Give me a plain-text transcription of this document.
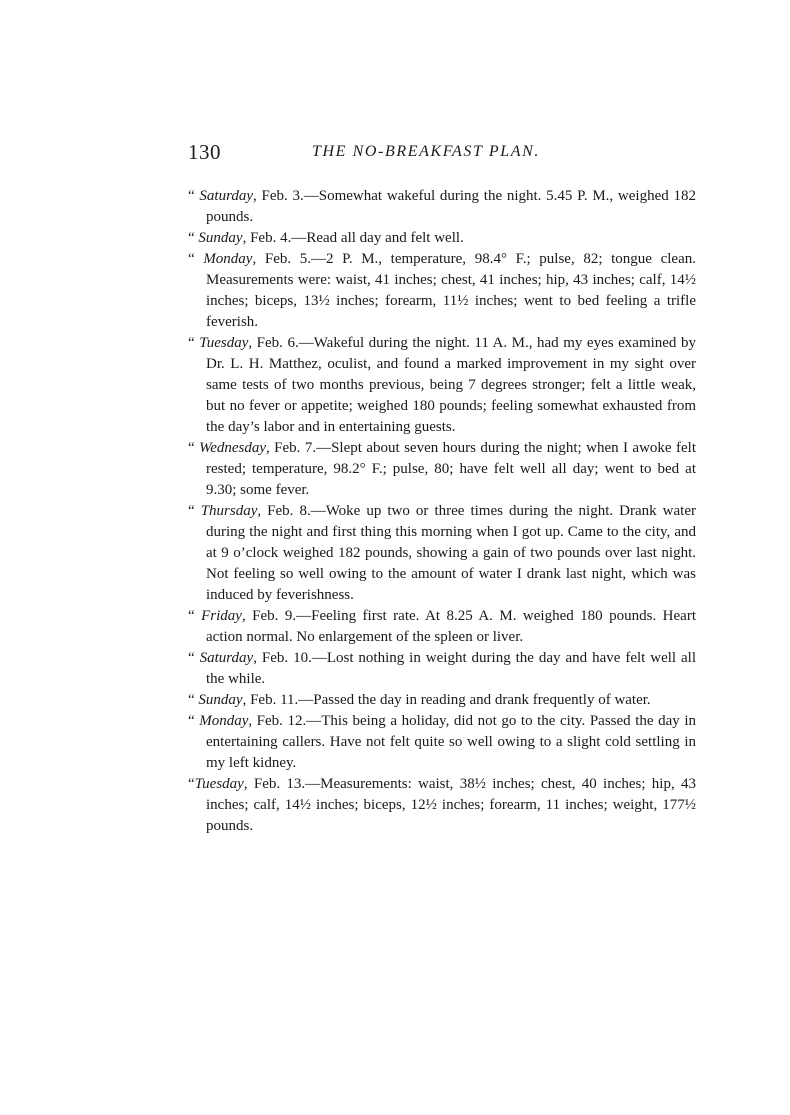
130	THE NO-BREAKFAST PLAN.

“ Saturday, Feb. 3.—Somewhat wakeful during the night. 5.45 P. M., weighed 182 pounds.

“ Sunday, Feb. 4.—Read all day and felt well.

“ Monday, Feb. 5.—2 P. M., temperature, 98.4° F.; pulse, 82; tongue clean. Measurements were: waist, 41 inches; chest, 41 inches; hip, 43 inches; calf, 14½ inches; biceps, 13½ inches; forearm, 11½ inches; went to bed feeling a trifle feverish.

“ Tuesday, Feb. 6.—Wakeful during the night. 11 A. M., had my eyes examined by Dr. L. H. Matthez, oculist, and found a marked improvement in my sight over same tests of two months previous, being 7 degrees stronger; felt a little weak, but no fever or appetite; weighed 180 pounds; feeling somewhat exhausted from the day’s labor and in entertaining guests.

“ Wednesday, Feb. 7.—Slept about seven hours during the night; when I awoke felt rested; temperature, 98.2° F.; pulse, 80; have felt well all day; went to bed at 9.30; some fever.

“ Thursday, Feb. 8.—Woke up two or three times during the night. Drank water during the night and first thing this morning when I got up. Came to the city, and at 9 o’clock weighed 182 pounds, showing a gain of two pounds over last night. Not feeling so well owing to the amount of water I drank last night, which was induced by feverishness.

“ Friday, Feb. 9.—Feeling first rate. At 8.25 A. M. weighed 180 pounds. Heart action normal. No enlargement of the spleen or liver.

“ Saturday, Feb. 10.—Lost nothing in weight during the day and have felt well all the while.

“ Sunday, Feb. 11.—Passed the day in reading and drank frequently of water.

“ Monday, Feb. 12.—This being a holiday, did not go to the city. Passed the day in entertaining callers. Have not felt quite so well owing to a slight cold settling in my left kidney.

“Tuesday, Feb. 13.—Measurements: waist, 38½ inches; chest, 40 inches; hip, 43 inches; calf, 14½ inches; biceps, 12½ inches; forearm, 11 inches; weight, 177½ pounds.
